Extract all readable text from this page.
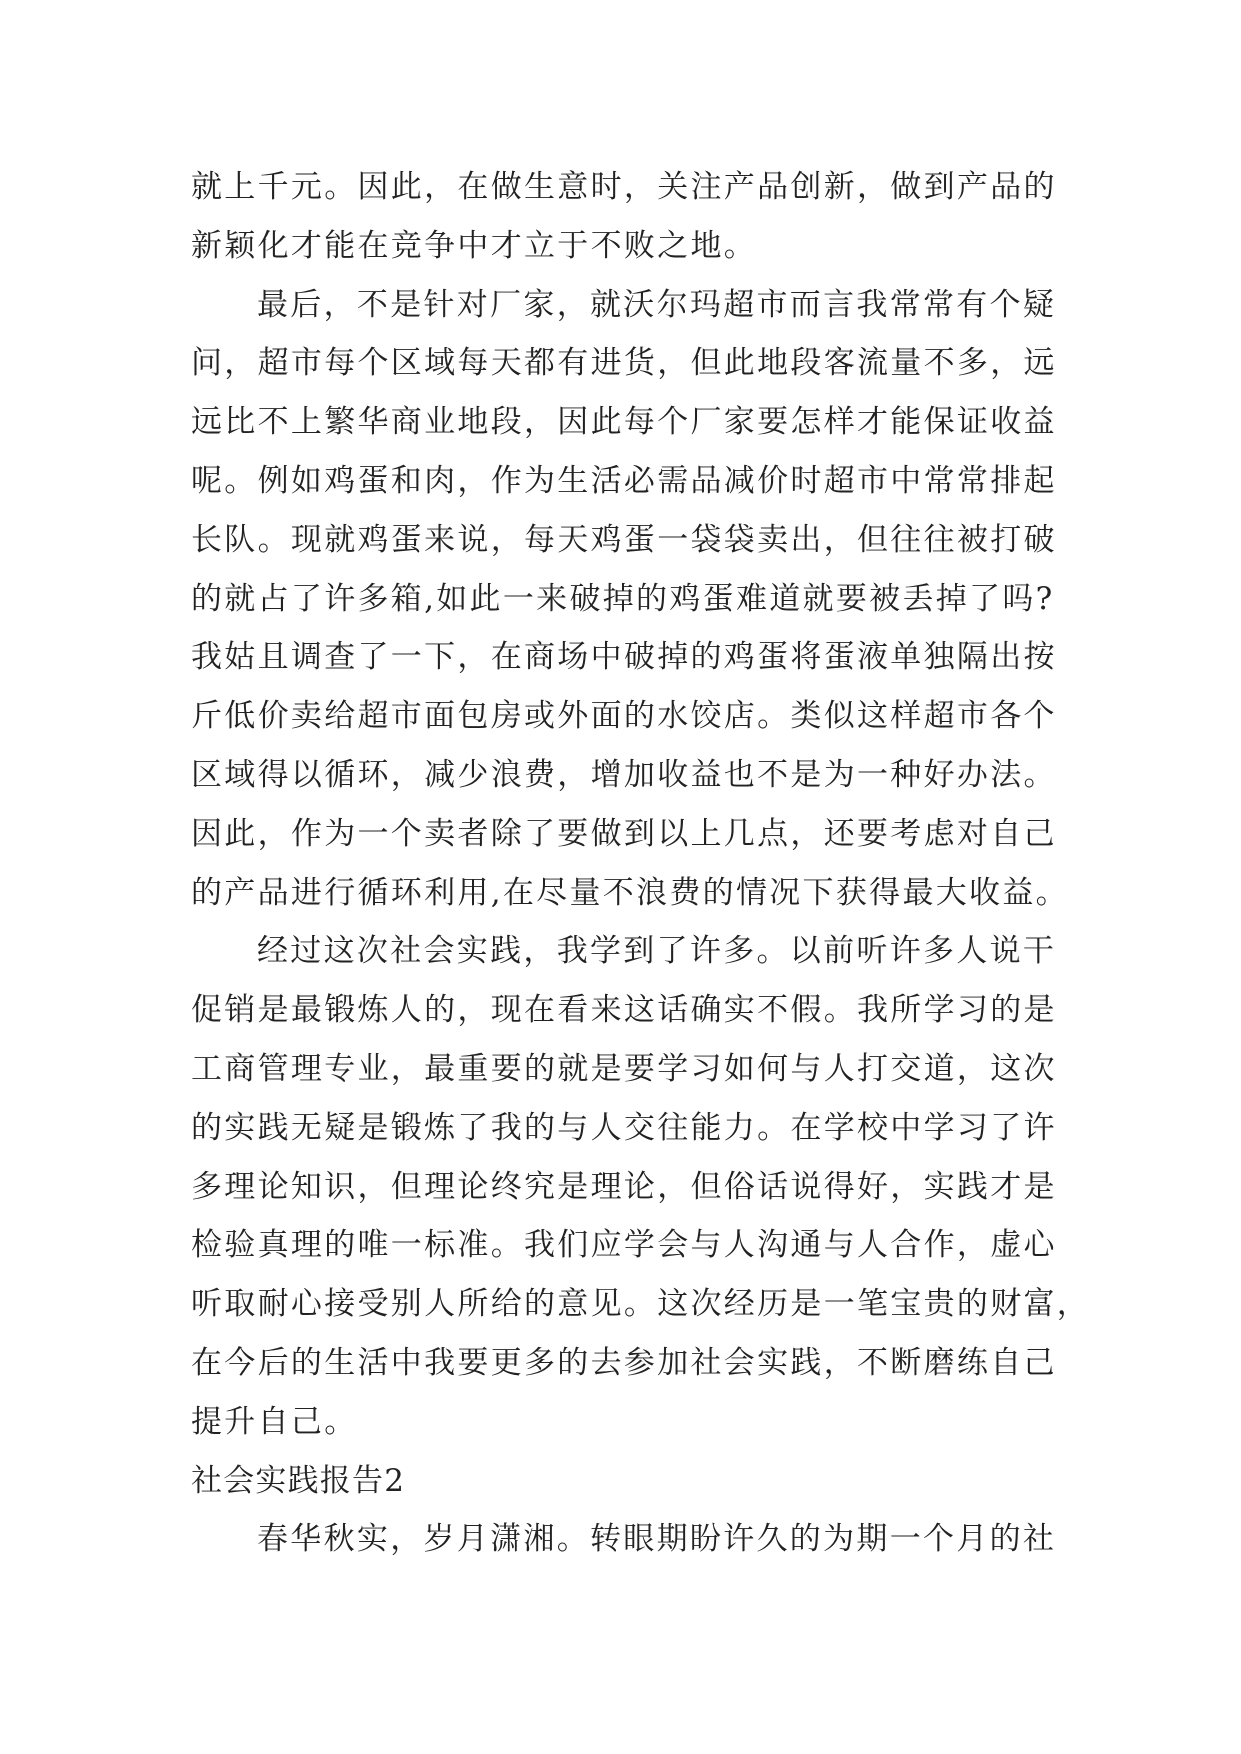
就上千元。因此，在做生意时，关注产品创新，做到产品的
新颖化才能在竞争中才立于不败之地。
最后，不是针对厂家，就沃尔玛超市而言我常常有个疑
问，超市每个区域每天都有进货，但此地段客流量不多，远
远比不上繁华商业地段，因此每个厂家要怎样才能保证收益
呢。例如鸡蛋和肉，作为生活必需品减价时超市中常常排起
长队。现就鸡蛋来说，每天鸡蛋一袋袋卖出，但往往被打破
的就占了许多箱,如此一来破掉的鸡蛋难道就要被丢掉了吗?
我姑且调查了一下，在商场中破掉的鸡蛋将蛋液单独隔出按
斤低价卖给超市面包房或外面的水饺店。类似这样超市各个
区域得以循环，减少浪费，增加收益也不是为一种好办法。
因此，作为一个卖者除了要做到以上几点，还要考虑对自己
的产品进行循环利用,在尽量不浪费的情况下获得最大收益。
经过这次社会实践，我学到了许多。以前听许多人说干
促销是最锻炼人的，现在看来这话确实不假。我所学习的是
工商管理专业，最重要的就是要学习如何与人打交道，这次
的实践无疑是锻炼了我的与人交往能力。在学校中学习了许
多理论知识，但理论终究是理论，但俗话说得好，实践才是
检验真理的唯一标准。我们应学会与人沟通与人合作，虚心
听取耐心接受别人所给的意见。这次经历是一笔宝贵的财富，
在今后的生活中我要更多的去参加社会实践，不断磨练自己
提升自己。
社会实践报告2
春华秋实，岁月潇湘。转眼期盼许久的为期一个月的社
